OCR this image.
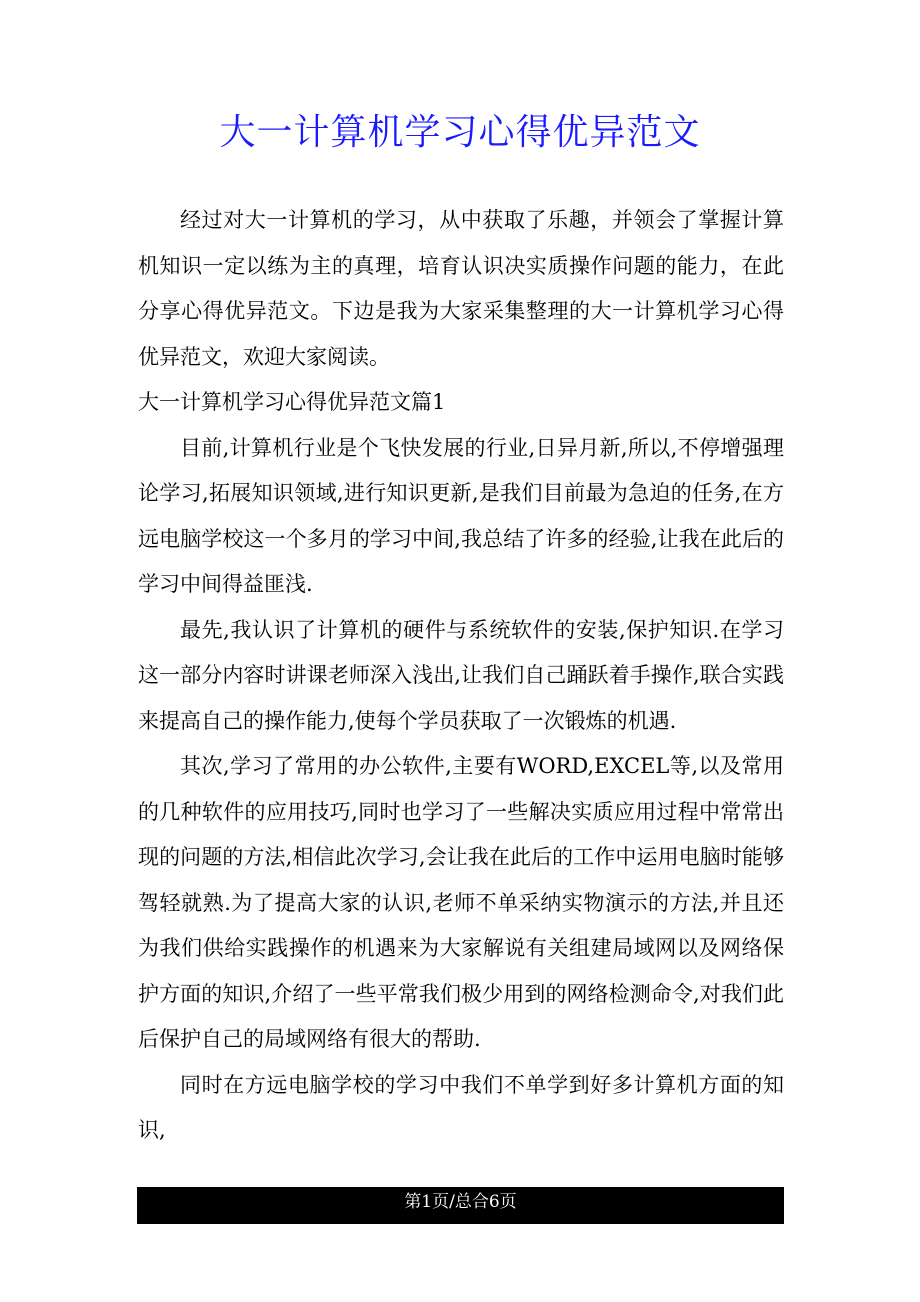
大一计算机学习心得优异范文

经过对大一计算机的学习，从中获取了乐趣，并领会了掌握计算机知识一定以练为主的真理，培育认识决实质操作问题的能力，在此分享心得优异范文。下边是我为大家采集整理的大一计算机学习心得优异范文，欢迎大家阅读。

大一计算机学习心得优异范文篇1

目前,计算机行业是个飞快发展的行业,日异月新,所以,不停增强理论学习,拓展知识领域,进行知识更新,是我们目前最为急迫的任务,在方远电脑学校这一个多月的学习中间,我总结了许多的经验,让我在此后的学习中间得益匪浅.

最先,我认识了计算机的硬件与系统软件的安装,保护知识.在学习这一部分内容时讲课老师深入浅出,让我们自己踊跃着手操作,联合实践来提高自己的操作能力,使每个学员获取了一次锻炼的机遇.

其次,学习了常用的办公软件,主要有WORD,EXCEL等,以及常用的几种软件的应用技巧,同时也学习了一些解决实质应用过程中常常出现的问题的方法,相信此次学习,会让我在此后的工作中运用电脑时能够驾轻就熟.为了提高大家的认识,老师不单采纳实物演示的方法,并且还为我们供给实践操作的机遇来为大家解说有关组建局域网以及网络保护方面的知识,介绍了一些平常我们极少用到的网络检测命令,对我们此后保护自己的局域网络有很大的帮助.

同时在方远电脑学校的学习中我们不单学到好多计算机方面的知识,

第1页/总合6页
